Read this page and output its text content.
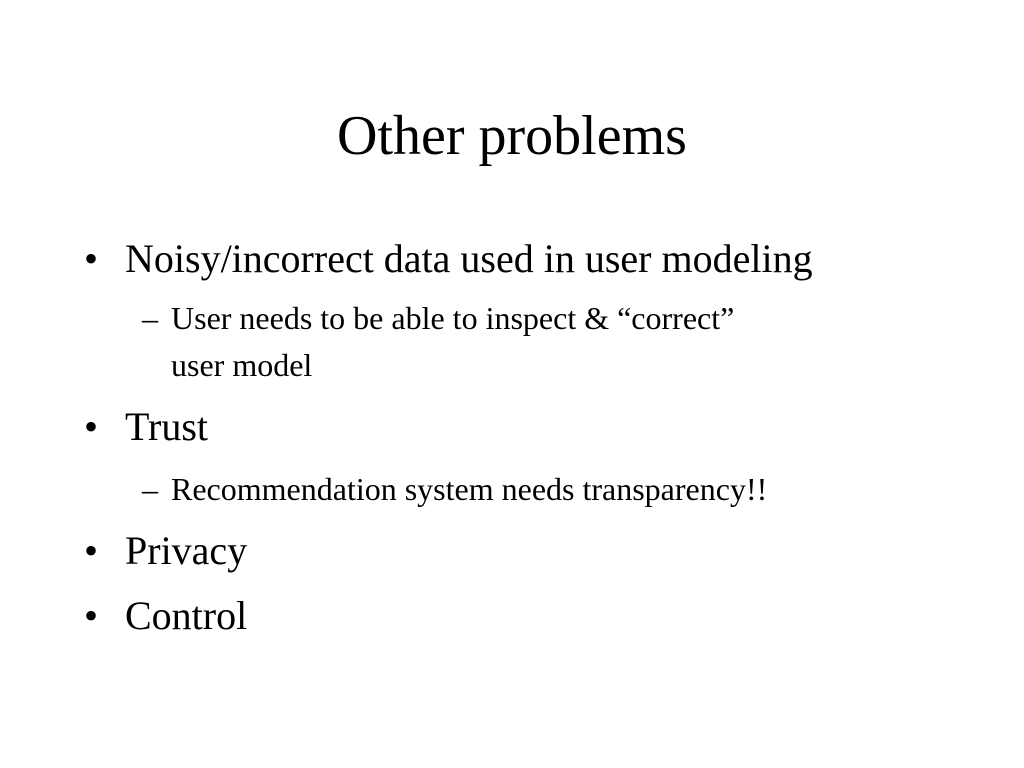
Other problems
• Noisy/incorrect data used in user modeling
– User needs to be able to inspect & “correct”
user model
• Trust
– Recommendation system needs transparency!!
• Privacy
• Control
